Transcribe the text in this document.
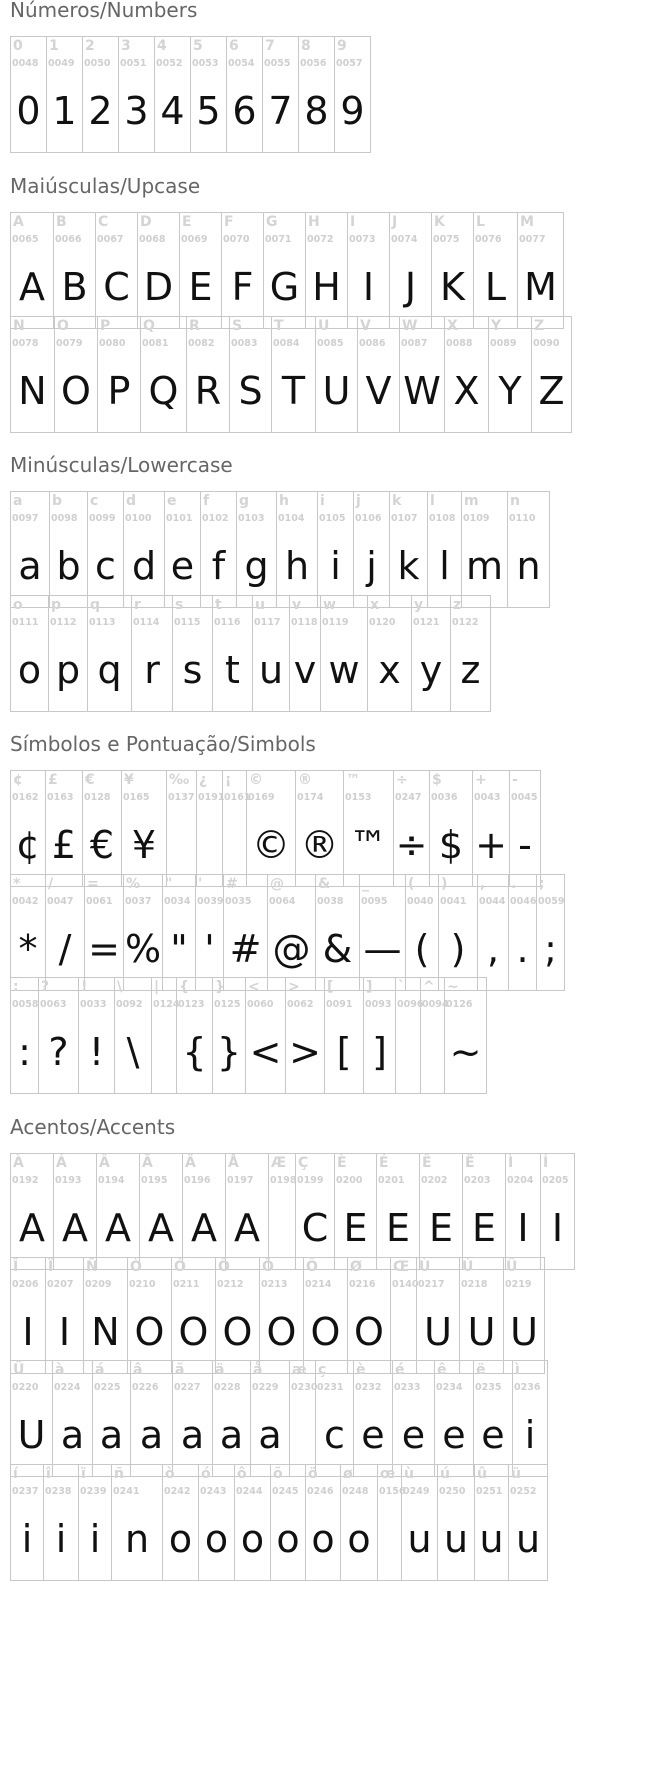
Números/Numbers
0
0048
0
1
0049
1
2
0050
2
3
0051
3
4
0052
4
5
0053
5
6
0054
6
7
0055
7
8
0056
8
9
0057
9
Maiúsculas/Upcase
A
0065
A
B
0066
B
C
0067
C
D
0068
D
E
0069
E
F
0070
F
G
0071
G
H
0072
H
I
0073
I
J
0074
J
K
0075
K
L
0076
L
M
0077
M
N
0078
N
O
0079
O
P
0080
P
Q
0081
Q
R
0082
R
S
0083
S
T
0084
T
U
0085
U
V
0086
V
W
0087
W
X
0088
X
Y
0089
Y
Z
0090
Z
Minúsculas/Lowercase
a
0097
a
b
0098
b
c
0099
c
d
0100
d
e
0101
e
f
0102
f
g
0103
g
h
0104
h
i
0105
i
j
0106
j
k
0107
k
l
0108
l
m
0109
m
n
0110
n
o
0111
o
p
0112
p
q
0113
q
r
0114
r
s
0115
s
t
0116
t
u
0117
u
v
0118
v
w
0119
w
x
0120
x
y
0121
y
z
0122
z
Símbolos e Pontuação/Simbols
¢
0162
¢
£
0163
£
€
0128
€
¥
0165
¥
‰
0137
¿
0191
¡
0161
©
0169
©
®
0174
®
™
0153
™
÷
0247
÷
$
0036
$
+
0043
+
-
0045
-
*
0042
*
/
0047
/
=
0061
=
%
0037
%
"
0034
"
'
0039
'
#
0035
#
@
0064
@
&
0038
&
_
0095
—
(
0040
(
)
0041
)
,
0044
,
.
0046
.
;
0059
;
:
0058
:
?
0063
?
!
0033
!
\
0092
\
|
0124
{
0123
{
}
0125
}
<
0060
<
>
0062
>
[
0091
[
]
0093
]
`
0096
^
0094
~
0126
~
Acentos/Accents
À
0192
A
Á
0193
A
Â
0194
A
Ã
0195
A
Ä
0196
A
Å
0197
A
Æ
0198
Ç
0199
C
È
0200
E
É
0201
E
Ê
0202
E
Ë
0203
E
Ì
0204
I
Í
0205
I
Î
0206
I
Ï
0207
I
Ñ
0209
N
Ò
0210
O
Ó
0211
O
Ô
0212
O
Õ
0213
O
Ö
0214
O
Ø
0216
O
Œ
0140
Ù
0217
U
Ú
0218
U
Û
0219
U
Ü
0220
U
à
0224
a
á
0225
a
â
0226
a
ã
0227
a
ä
0228
a
å
0229
a
æ
0230
ç
0231
c
è
0232
e
é
0233
e
ê
0234
e
ë
0235
e
ì
0236
i
í
0237
i
î
0238
i
ï
0239
i
ñ
0241
n
ò
0242
o
ó
0243
o
ô
0244
o
õ
0245
o
ö
0246
o
ø
0248
o
œ
0156
ù
0249
u
ú
0250
u
û
0251
u
ü
0252
u
